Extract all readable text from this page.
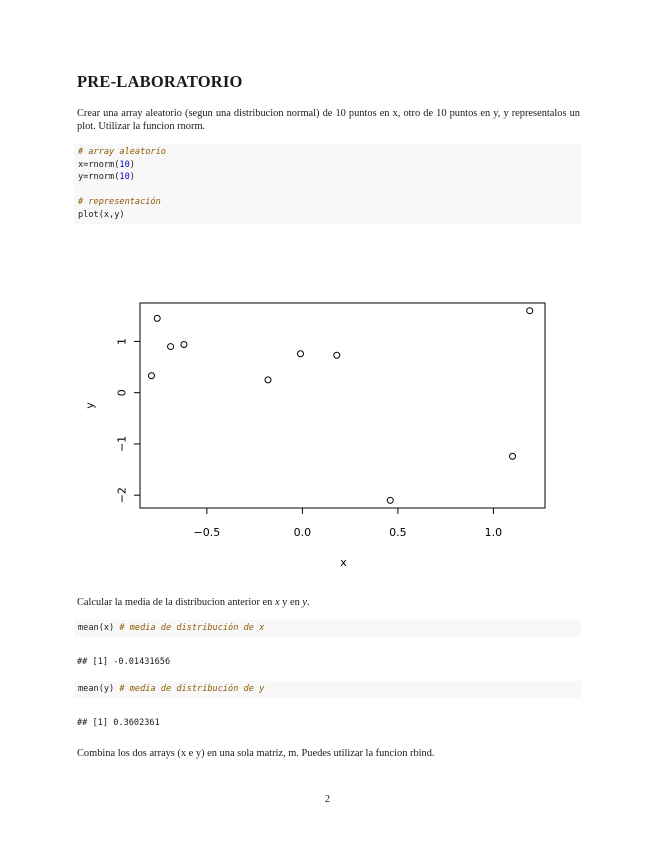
PRE-LABORATORIO

Crear una array aleatorio (segun una distribucion normal) de 10 puntos en x, otro de 10 puntos en y, y representalos un plot. Utilizar la funcion rnorm.

# array aleatorio
x=rnorm(10)
y=rnorm(10)

# representación
plot(x,y)
−0.5	0.0	0.5	1.0
−2
−1
0
1
x
y

Calcular la media de la distribucion anterior en x y en y.

mean(x) # media de distribución de x
## [1] -0.01431656
mean(y) # media de distribución de y
## [1] 0.3602361

Combina los dos arrays (x e y) en una sola matriz, m. Puedes utilizar la funcion rbind.

2
